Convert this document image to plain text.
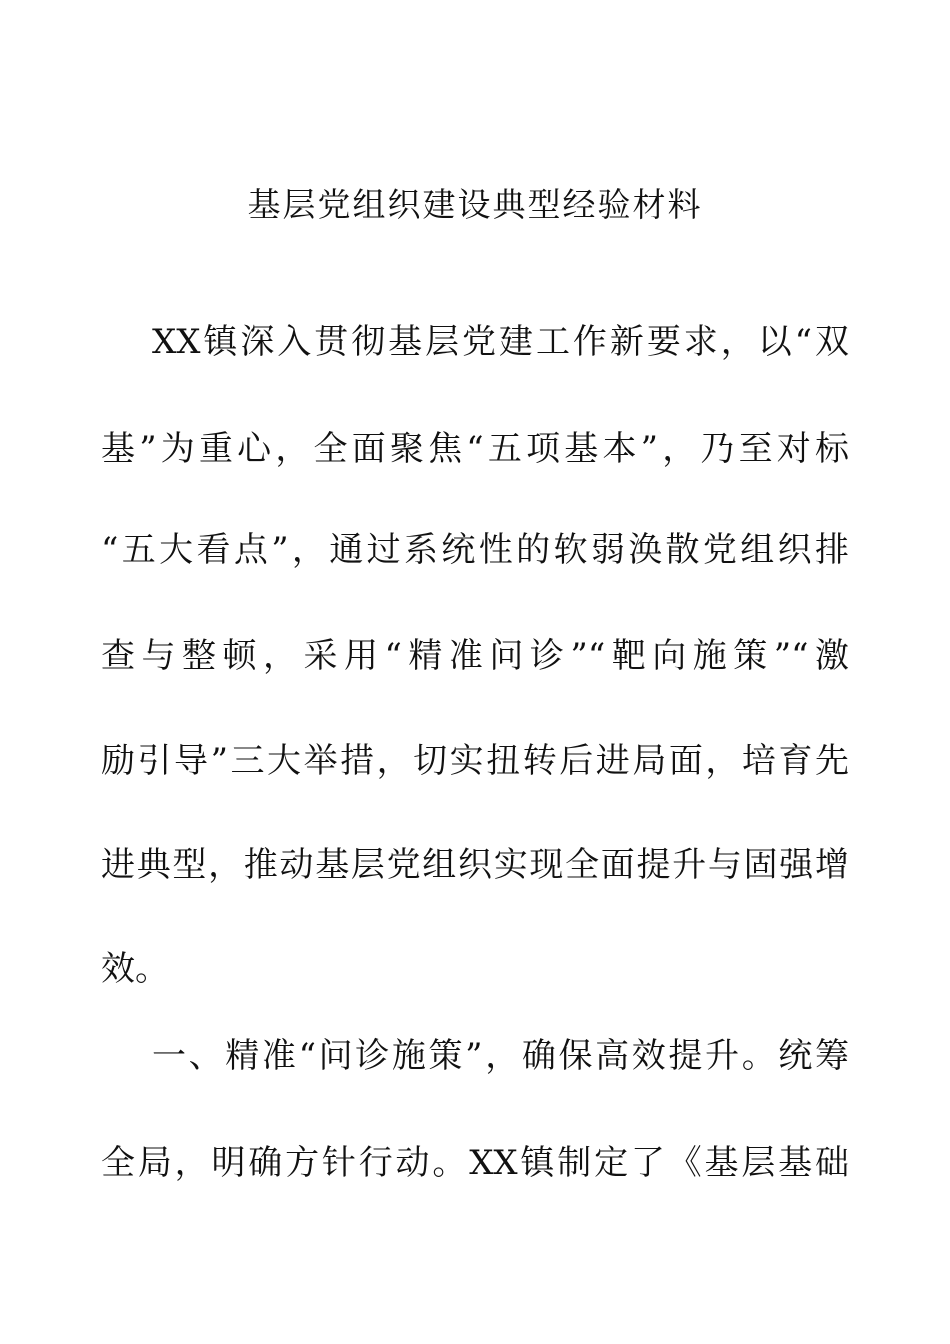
基层党组织建设典型经验材料
XX镇深入贯彻基层党建工作新要求，以“双
基”为重心，全面聚焦“五项基本”，乃至对标
“五大看点”，通过系统性的软弱涣散党组织排
查与整顿，采用“精准问诊”“靶向施策”“激
励引导”三大举措，切实扭转后进局面，培育先
进典型，推动基层党组织实现全面提升与固强增
效。
一、精准“问诊施策”，确保高效提升。统筹
全局，明确方针行动。XX镇制定了《基层基础
